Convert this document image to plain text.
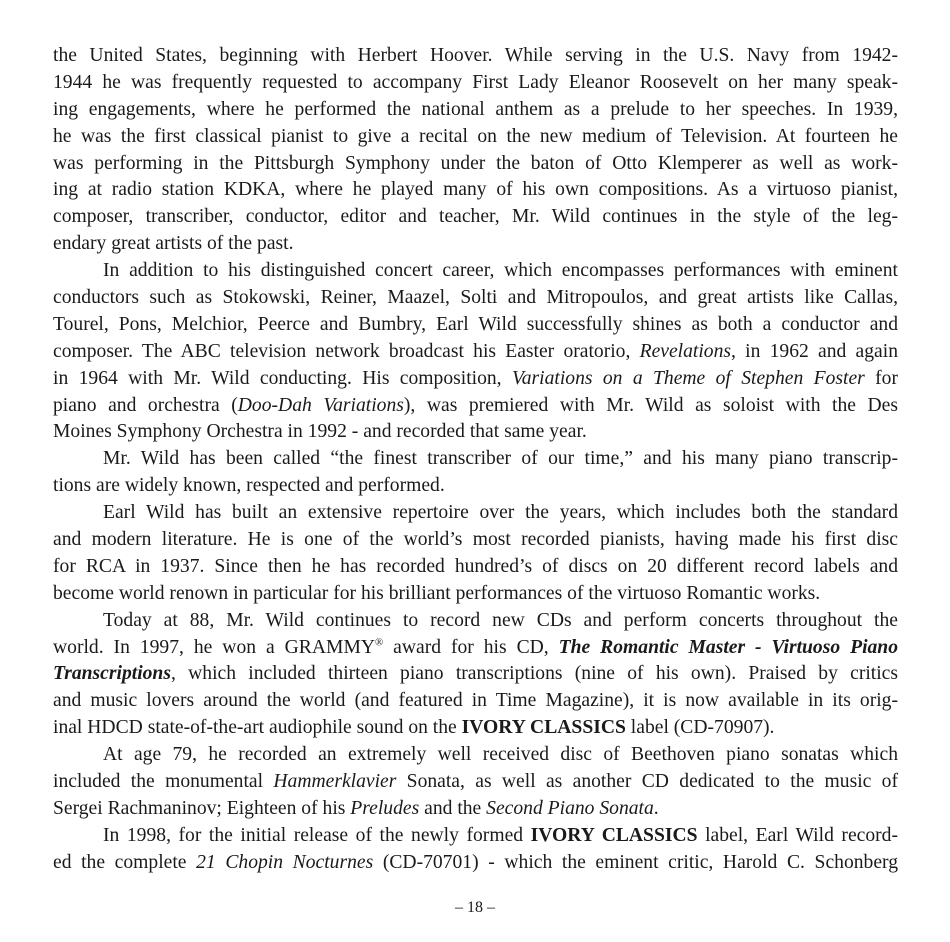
the United States, beginning with Herbert Hoover. While serving in the U.S. Navy from 1942-
1944 he was frequently requested to accompany First Lady Eleanor Roosevelt on her many speak-
ing engagements, where he performed the national anthem as a prelude to her speeches. In 1939,
he was the first classical pianist to give a recital on the new medium of Television. At fourteen he
was performing in the Pittsburgh Symphony under the baton of Otto Klemperer as well as work-
ing at radio station KDKA, where he played many of his own compositions. As a virtuoso pianist,
composer, transcriber, conductor, editor and teacher, Mr. Wild continues in the style of the leg-
endary great artists of the past.
In addition to his distinguished concert career, which encompasses performances with eminent
conductors such as Stokowski, Reiner, Maazel, Solti and Mitropoulos, and great artists like Callas,
Tourel, Pons, Melchior, Peerce and Bumbry, Earl Wild successfully shines as both a conductor and
composer. The ABC television network broadcast his Easter oratorio, Revelations, in 1962 and again
in 1964 with Mr. Wild conducting. His composition, Variations on a Theme of Stephen Foster for
piano and orchestra (Doo-Dah Variations), was premiered with Mr. Wild as soloist with the Des
Moines Symphony Orchestra in 1992 - and recorded that same year.
Mr. Wild has been called “the finest transcriber of our time,” and his many piano transcrip-
tions are widely known, respected and performed.
Earl Wild has built an extensive repertoire over the years, which includes both the standard
and modern literature. He is one of the world’s most recorded pianists, having made his first disc
for RCA in 1937. Since then he has recorded hundred’s of discs on 20 different record labels and
become world renown in particular for his brilliant performances of the virtuoso Romantic works.
Today at 88, Mr. Wild continues to record new CDs and perform concerts throughout the
world. In 1997, he won a GRAMMY® award for his CD, The Romantic Master - Virtuoso Piano
Transcriptions, which included thirteen piano transcriptions (nine of his own). Praised by critics
and music lovers around the world (and featured in Time Magazine), it is now available in its orig-
inal HDCD state-of-the-art audiophile sound on the IVORY CLASSICS label (CD-70907).
At age 79, he recorded an extremely well received disc of Beethoven piano sonatas which
included the monumental Hammerklavier Sonata, as well as another CD dedicated to the music of
Sergei Rachmaninov; Eighteen of his Preludes and the Second Piano Sonata.
In 1998, for the initial release of the newly formed IVORY CLASSICS label, Earl Wild record-
ed the complete 21 Chopin Nocturnes (CD-70701) - which the eminent critic, Harold C. Schonberg
– 18 –
